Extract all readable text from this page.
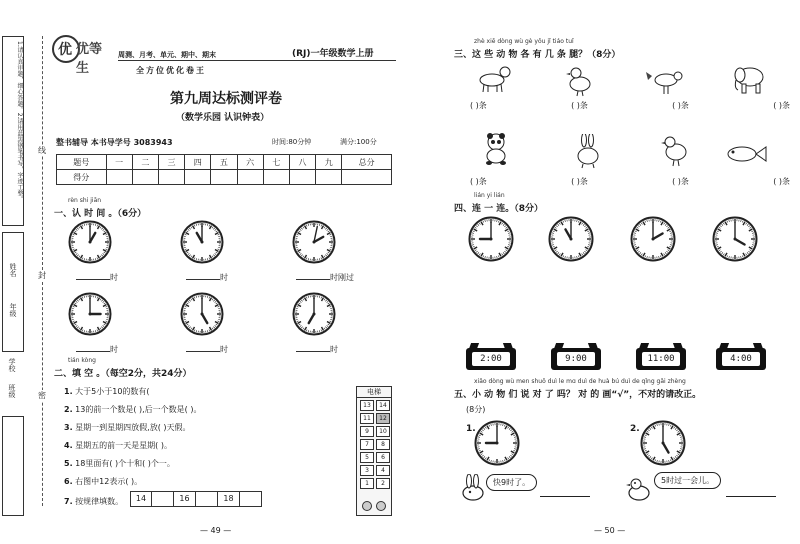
1.请认真审题，细心答题。2.请用蓝黑钢笔书写，字迹工整。
年级
姓名
学校
班级
线
封
密
优 优等生
周测、月考、单元、期中、期末	(RJ)一年级数学上册
全方位优化卷王
第九周达标测评卷
（数学乐园 认识钟表）
整书辅导 本书导学号 3083943	时间:80分钟	满分:100分
题号	一	二	三	四	五	六	七	八	九	总分
得分										
rèn shi jiān
一、认 时 间 。（6分）
时	时	时刚过
时	时	时
tián kòng
二、填 空 。（每空2分，共24分）
1. 大于5小于10的数有(
2. 13的前一个数是( ),后一个数是( )。
3. 星期一到星期四放假,放( )天假。
4. 星期五的前一天是星期( )。
5. 18里面有( )个十和( )个一。
6. 右图中12表示( )。
7. 按规律填数。	14	16	18
电梯
13	14
11	12
9	10
7	8
5	6
3	4
1	2
— 49 —
zhè xiē dòng wù gè yǒu jǐ tiáo tuǐ
三、这 些 动 物 各 有 几 条 腿？（8分）
( )条	( )条	( )条	( )条
( )条	( )条	( )条	( )条
lián yi lián
四、连 一 连。（8分）
2:00	9:00	11:00	4:00
xiǎo dòng wù men shuō duì le mɑ duì de huà bú duì de qǐng gǎi zhèng
五、小 动 物 们 说 对 了 吗？ 对 的 画“√”，不对的请改正。
(8分)
1.	2.
快9时了。	5时过一会儿。
— 50 —
